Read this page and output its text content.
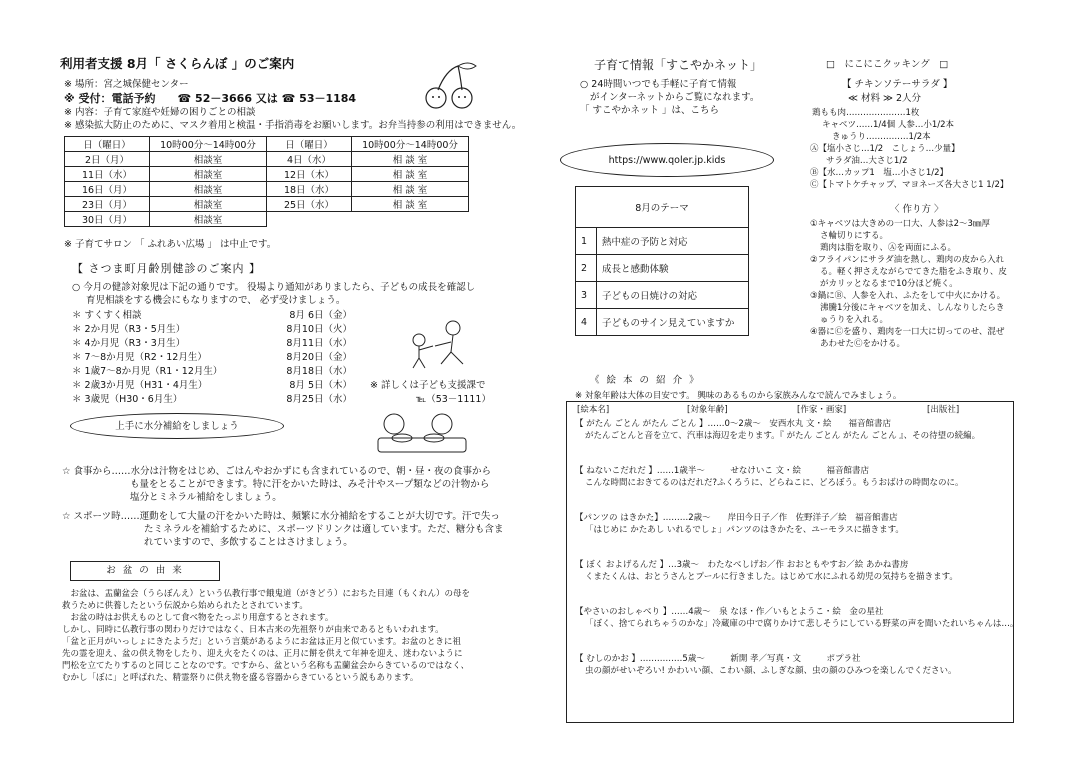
利用者支援 8月「 さくらんぼ 」のご案内
※ 場所：宮之城保健センター
※ 受付：電話予約　　☎ 52－3666 又は ☎ 53－1184
※ 内容：子育て家庭や妊婦の困りごとの相談
※ 感染拡大防止のために、マスク着用と検温・手指消毒をお願いします。お弁当持参の利用はできません。
日（曜日）	10時00分～14時00分	日（曜日）	10時00分～14時00分
2日（月）	相談室	4日（水）	相 談 室
11日（水）	相談室	12日（木）	相 談 室
16日（月）	相談室	18日（水）	相 談 室
23日（月）	相談室	25日（水）	相 談 室
30日（月）	相談室		
※ 子育てサロン 「 ふれあい広場 」 は中止です。
【 さつま町月齢別健診のご案内 】
○ 今月の健診対象児は下記の通りです。 役場より通知がありましたら、子どもの成長を確認し
育児相談をする機会にもなりますので、 必ず受けましょう。
＊ すくすく相談	8月 6日（金）
＊ 2か月児（R3・5月生）	8月10日（火）
＊ 4か月児（R3・3月生）	8月11日（水）
＊ 7～8か月児（R2・12月生）	8月20日（金）
＊ 1歳7～8か月児（R1・12月生）	8月18日（水）
＊ 2歳3か月児（H31・4月生）	8月 5日（木）
＊ 3歳児（H30・6月生）	8月25日（水）
※ 詳しくは子ども支援課で
℡（53－1111）
上手に水分補給をしましょう
☆ 食事から……水分は汁物をはじめ、ごはんやおかずにも含まれているので、朝・昼・夜の食事から
も量をとることができます。特に汗をかいた時は、みそ汁やスープ類などの汁物から
塩分とミネラル補給をしましょう。
☆ スポーツ時……運動をして大量の汗をかいた時は、頻繁に水分補給をすることが大切です。汗で失っ
たミネラルを補給するために、スポーツドリンクは適しています。ただ、糖分も含ま
れていますので、多飲することはさけましょう。
お 盆 の 由 来
　お盆は、盂蘭盆会（うらぼんえ）という仏教行事で餓鬼道（がきどう）におちた目連（もくれん）の母を
救うために供養したという伝説から始められたとされています。
　お盆の時はお供えものとして食べ物をたっぷり用意するとされます。
しかし、同時に仏教行事の関わりだけではなく、日本古来の先祖祭りが由来であるともいわれます。
「盆と正月がいっしょにきたようだ」という言葉があるようにお盆は正月と似ています。お盆のときに祖
先の霊を迎え、盆の供え物をしたり、迎え火をたくのは、正月に餅を供えて年神を迎え、迷わないように
門松を立てたりするのと同じことなのです。ですから、盆という名称も盂蘭盆会からきているのではなく、
むかし「ぼに」と呼ばれた、精霊祭りに供え物を盛る容器からきているという説もあります。
子育て情報「すこやかネット」
○ 24時間いつでも手軽に子育て情報
がインターネットからご覧になれます。
「 すこやかネット 」は、こちら
https://www.qoler.jp.kids
8月のテーマ	
1	熱中症の予防と対応
2	成長と感動体験
3	子どもの日焼けの対応
4	子どものサイン見えていますか
□　にこにこクッキング　□
【 チキンソテーサラダ 】
≪ 材料 ≫ 2人分
鶏もも肉…………………1枚
キャベツ……1/4個 人参…小1/2本
きゅうり……………1/2本
Ⓐ【塩小さじ…1/2　こしょう…少量】
サラダ油…大さじ1/2
Ⓑ【水…カップ1　塩…小さじ1/2】
Ⓒ【トマトケチャップ、マヨネーズ各大さじ1 1/2】
〈 作り方 〉
①キャベツは大きめの一口大、人参は2～3㎜厚
さ輪切りにする。
鶏肉は脂を取り、Ⓐを両面にふる。
②フライパンにサラダ油を熱し、鶏肉の皮から入れ
る。軽く押さえながらでてきた脂をふき取り、皮
がカリッとなるまで10分ほど焼く。
③鍋にⒷ、人参を入れ、ふたをして中火にかける。
沸騰1分後にキャベツを加え、しんなりしたらき
ゅうりを入れる。
④器にⒸを盛り、鶏肉を一口大に切ってのせ、混ぜ
あわせたⒸをかける。
《 絵 本 の 紹 介 》
※ 対象年齢は大体の目安です。 興味のあるものから家族みんなで読んでみましょう。
[絵本名]	[対象年齢]	[作家・画家]	[出版社]
【 がたん ごとん がたん ごとん 】……0～2歳～　安西水丸 文・絵　　福音館書店
がたんごとんと音を立て、汽車は海辺を走ります。『 がたん ごとん がたん ごとん 』、その待望の続編。
【 ねないこだれだ 】……1歳半～　　　せなけいこ 文・絵　　　福音館書店
こんな時間におきてるのはだれだ?ふくろうに、どらねこに、どろぼう。もうおばけの時間なのに。
【パンツの はきかた】………2歳～　　岸田今日子／作　佐野洋子／絵　福音館書店
「はじめに かたあし いれるでしょ」パンツのはきかたを、ユーモラスに描きます。
【 ぼく およげるんだ 】…3歳～　わたなべしげお／作 おおともやすお／絵 あかね書房
くまたくんは、おとうさんとプールに行きました。はじめて水にふれる幼児の気持ちを描きます。
【やさいのおしゃべり 】……4歳～　泉 なほ・作／いもとようこ・絵　金の星社
「ぼく、捨てられちゃうのかな」冷蔵庫の中で腐りかけて悲しそうにしている野菜の声を聞いたれいちゃんは…。
【 むしのかお 】……………5歳～　　　新開 孝／写真・文　　　ポプラ社
虫の顔がせいぞろい! かわいい顔、こわい顔、ふしぎな顔、虫の顔のひみつを楽しんでください。
